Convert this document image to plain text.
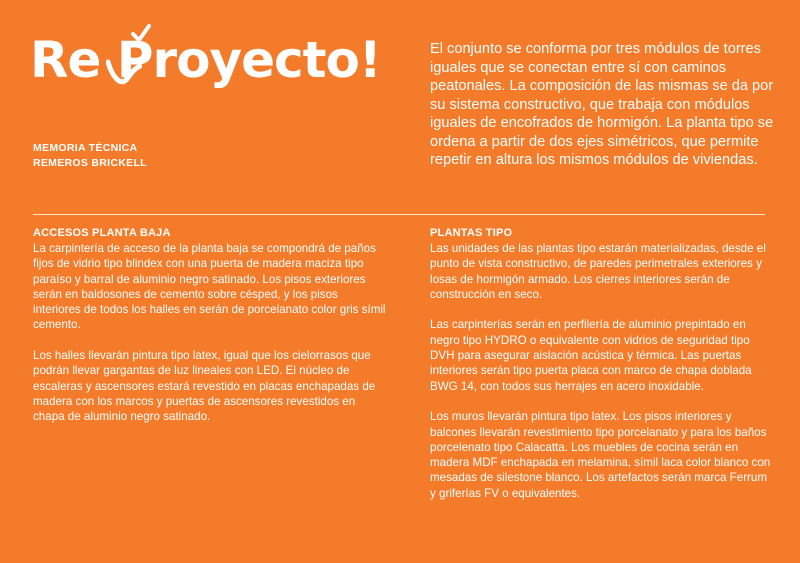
Re Proyecto!
MEMORIA TÉCNICA
REMEROS BRICKELL
El conjunto se conforma por tres módulos de torres iguales que se conectan entre sí con caminos peatonales. La composición de las mismas se da por su sistema constructivo, que trabaja con módulos iguales de encofrados de hormigón. La planta tipo se ordena a partir de dos ejes simétricos, que permite repetir en altura los mismos módulos de viviendas.
ACCESOS PLANTA BAJA

La carpintería de acceso de la planta baja se compondrá de paños fijos de vidrio tipo blindex con una puerta de madera maciza tipo paraíso y barral de aluminio negro satinado. Los pisos exteriores serán en baldosones de cemento sobre césped, y los pisos interiores de todos los halles en serán de porcelanato color gris símil cemento.

Los halles llevarán pintura tipo latex, igual que los cielorrasos que podrán llevar gargantas de luz lineales con LED. El núcleo de escaleras y ascensores estará revestido en placas enchapadas de madera con los marcos y puertas de ascensores revestidos en chapa de aluminio negro satinado.

PLANTAS TIPO

Las unidades de las plantas tipo estarán materializadas, desde el punto de vista constructivo, de paredes perimetrales exteriores y losas de hormigón armado. Los cierres interiores serán de construcción en seco.

Las carpinterías serán en perfilería de aluminio prepintado en negro tipo HYDRO o equivalente con vidrios de seguridad tipo DVH para asegurar aislación acústica y térmica. Las puertas interiores serán tipo puerta placa con marco de chapa doblada BWG 14, con todos sus herrajes en acero inoxidable.

Los muros llevarán pintura tipo latex. Los pisos interiores y balcones llevarán revestimiento tipo porcelanato y para los baños porcelenato tipo Calacatta. Los muebles de cocina serán en madera MDF enchapada en melamina, símil laca color blanco con mesadas de silestone blanco. Los artefactos serán marca Ferrum y griferías FV o equivalentes.
